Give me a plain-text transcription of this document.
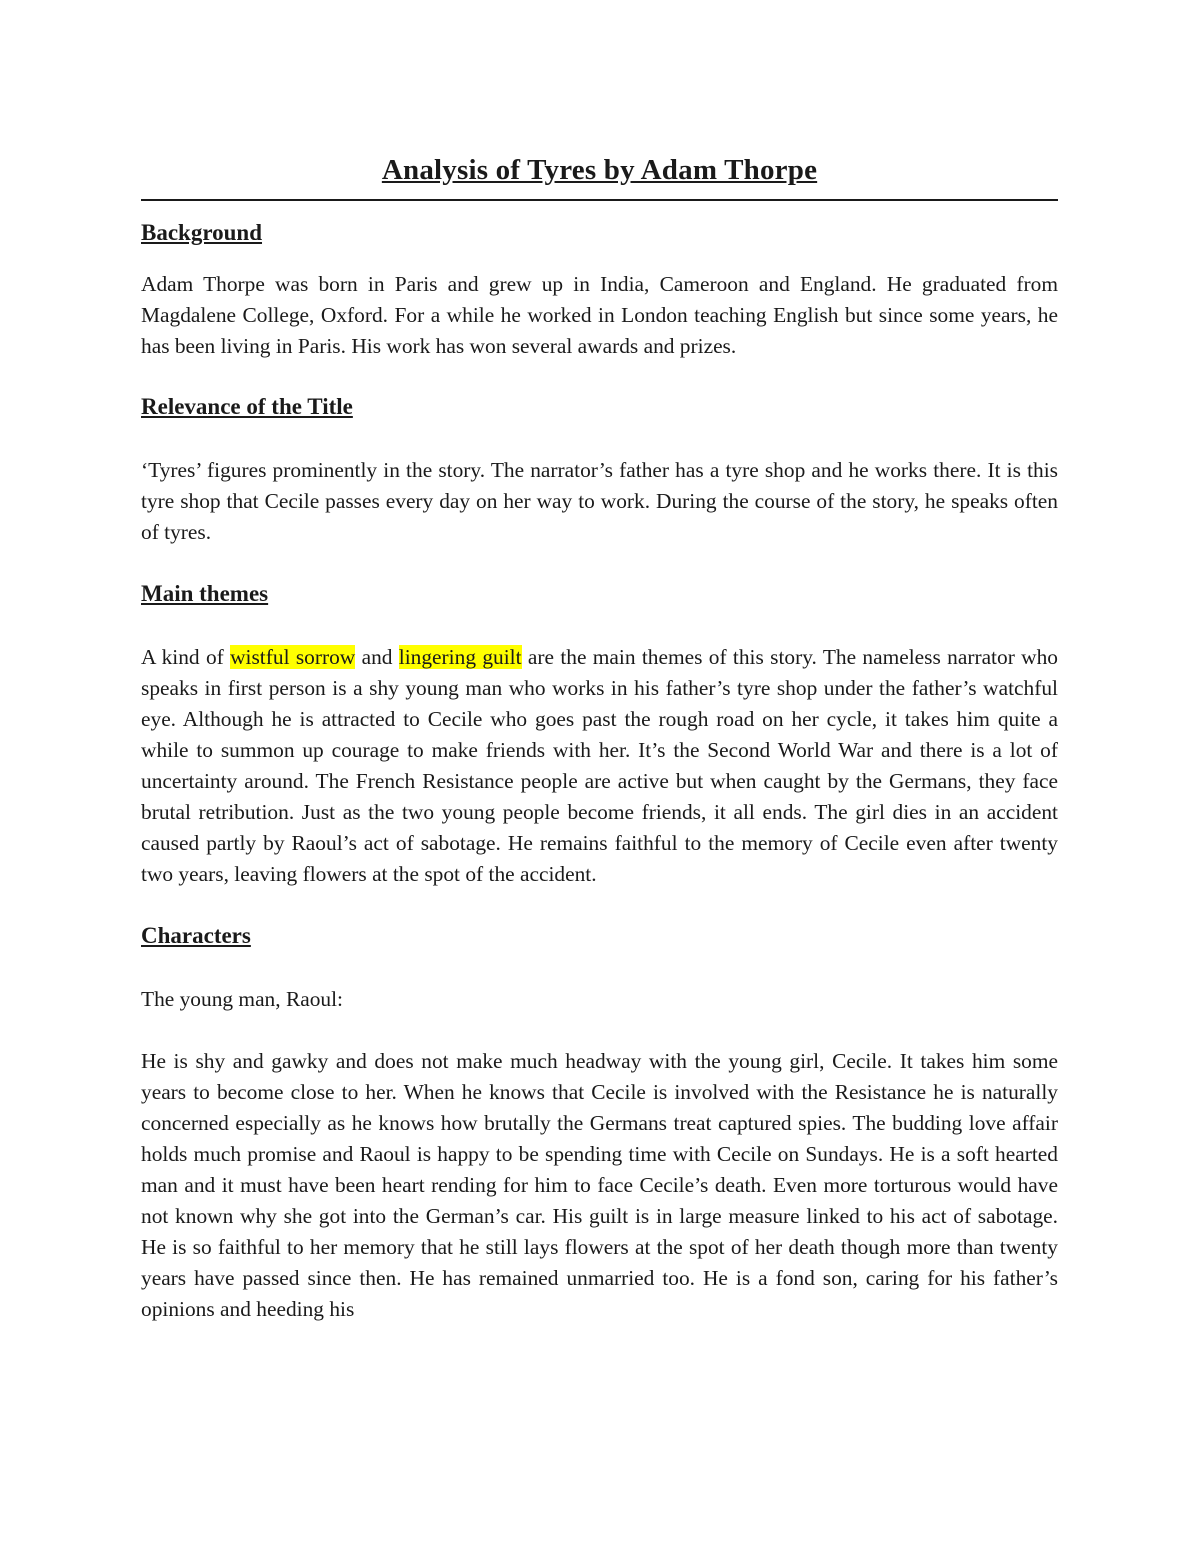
Analysis of Tyres by Adam Thorpe
Background

Adam Thorpe was born in Paris and grew up in India, Cameroon and England. He graduated from Magdalene College, Oxford. For a while he worked in London teaching English but since some years, he has been living in Paris. His work has won several awards and prizes.

Relevance of the Title

‘Tyres’ figures prominently in the story. The narrator’s father has a tyre shop and he works there. It is this tyre shop that Cecile passes every day on her way to work. During the course of the story, he speaks often of tyres.

Main themes

A kind of wistful sorrow and lingering guilt are the main themes of this story. The nameless narrator who speaks in first person is a shy young man who works in his father’s tyre shop under the father’s watchful eye. Although he is attracted to Cecile who goes past the rough road on her cycle, it takes him quite a while to summon up courage to make friends with her. It’s the Second World War and there is a lot of uncertainty around. The French Resistance people are active but when caught by the Germans, they face brutal retribution. Just as the two young people become friends, it all ends. The girl dies in an accident caused partly by Raoul’s act of sabotage. He remains faithful to the memory of Cecile even after twenty two years, leaving flowers at the spot of the accident.

Characters

The young man, Raoul:

He is shy and gawky and does not make much headway with the young girl, Cecile. It takes him some years to become close to her. When he knows that Cecile is involved with the Resistance he is naturally concerned especially as he knows how brutally the Germans treat captured spies. The budding love affair holds much promise and Raoul is happy to be spending time with Cecile on Sundays. He is a soft hearted man and it must have been heart rending for him to face Cecile’s death. Even more torturous would have not known why she got into the German’s car. His guilt is in large measure linked to his act of sabotage. He is so faithful to her memory that he still lays flowers at the spot of her death though more than twenty years have passed since then. He has remained unmarried too. He is a fond son, caring for his father’s opinions and heeding his
